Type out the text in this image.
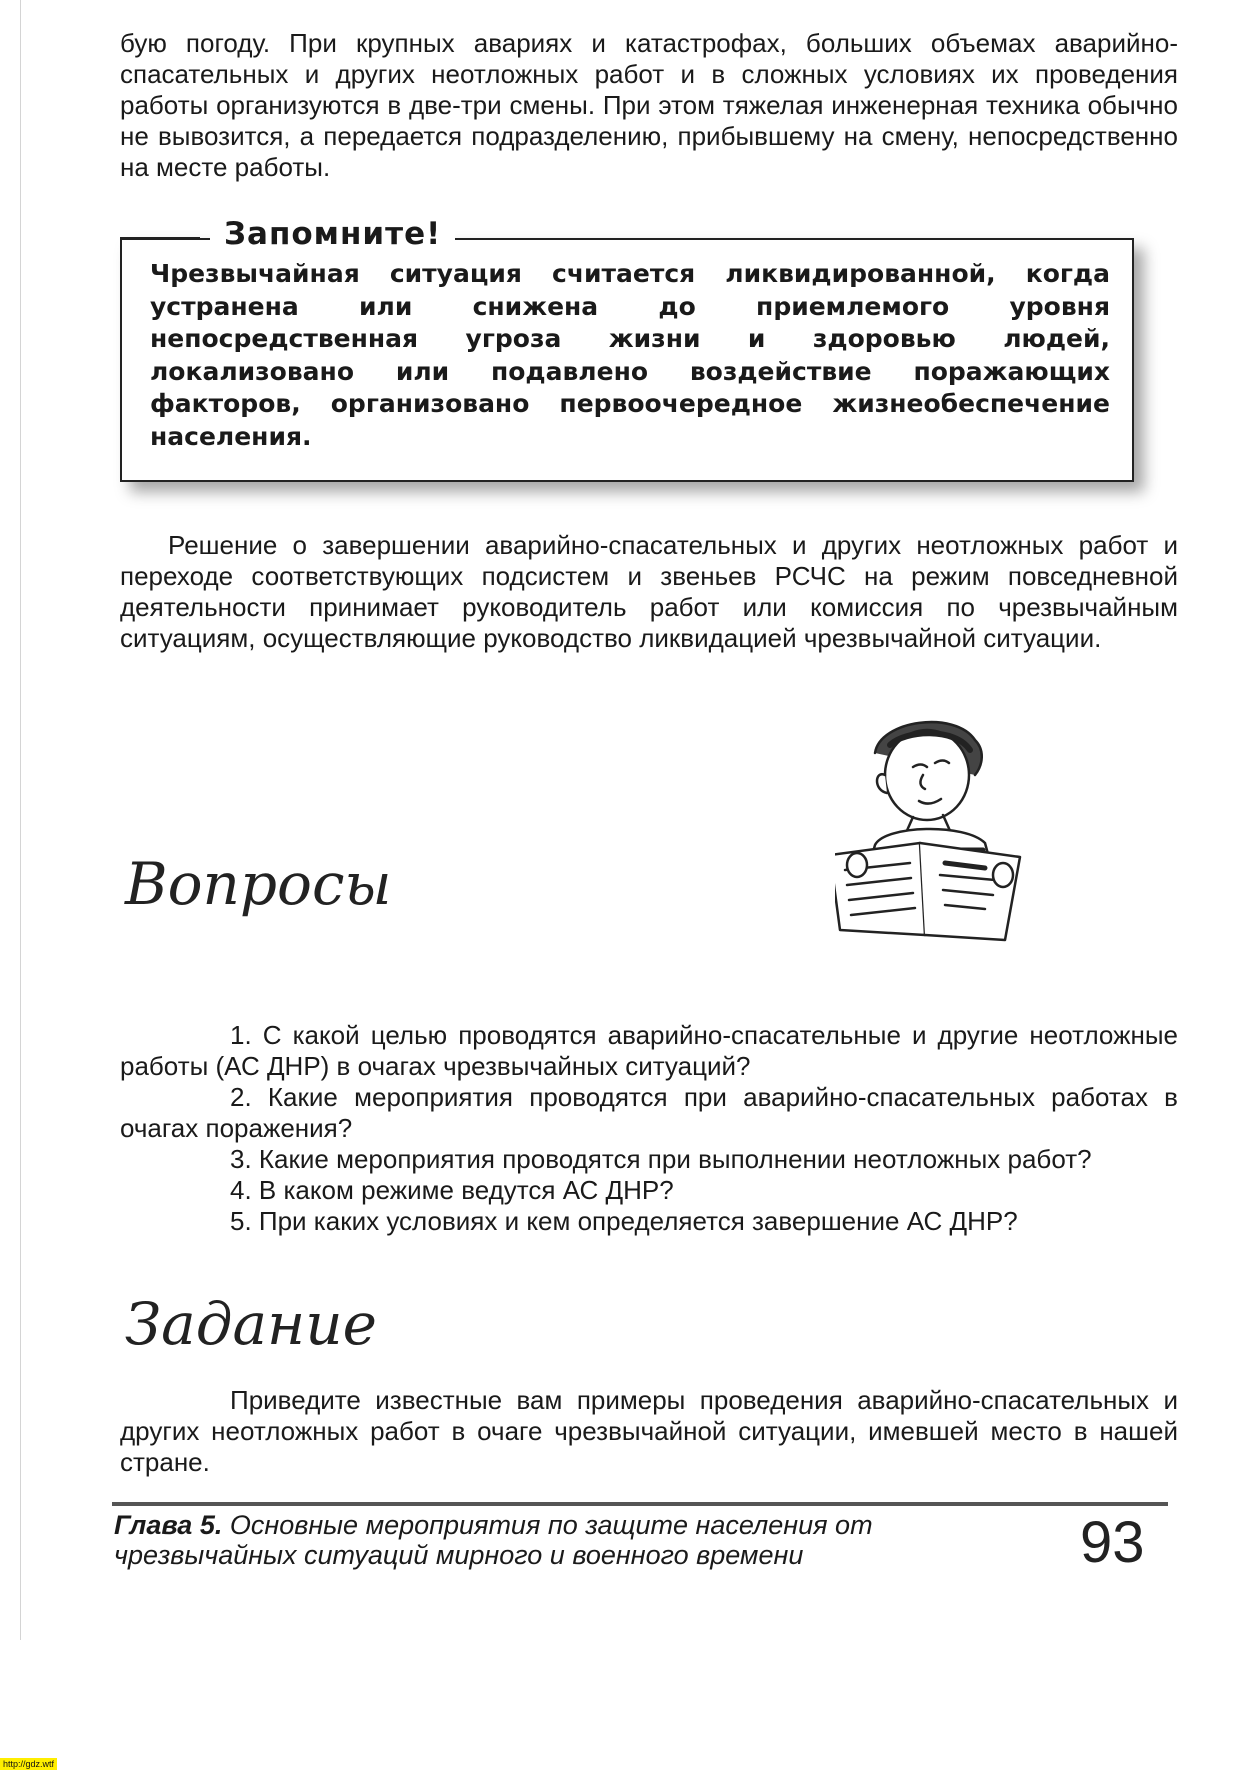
бую погоду. При крупных авариях и катастрофах, больших объемах аварийно-спасательных и других неотложных работ и в сложных условиях их проведения работы организуются в две-три смены. При этом тяжелая инженерная техника обычно не вывозится, а передается подразделению, прибывшему на смену, непосредственно на месте работы.

Запомните!

Чрезвычайная ситуация считается ликвидированной, когда устранена или снижена до приемлемого уровня непосредственная угроза жизни и здоровью людей, локализовано или подавлено воздействие поражающих факторов, организовано первоочередное жизнеобеспечение населения.

Решение о завершении аварийно-спасательных и других неотложных работ и переходе соответствующих подсистем и звеньев РСЧС на режим повседневной деятельности принимает руководитель работ или комиссия по чрезвычайным ситуациям, осуществляющие руководство ликвидацией чрезвычайной ситуации.

Вопросы
1. С какой целью проводятся аварийно-спасательные и другие неотложные работы (АС ДНР) в очагах чрезвычайных ситуаций?
2. Какие мероприятия проводятся при аварийно-спасательных работах в очагах поражения?
3. Какие мероприятия проводятся при выполнении неотложных работ?
4. В каком режиме ведутся АС ДНР?
5. При каких условиях и кем определяется завершение АС ДНР?
Задание

Приведите известные вам примеры проведения аварийно-спасательных и других неотложных работ в очаге чрезвычайной ситуации, имевшей место в нашей стране.

Глава 5. Основные мероприятия по защите населения от чрезвычайных ситуаций мирного и военного времени	93
http://gdz.wtf
